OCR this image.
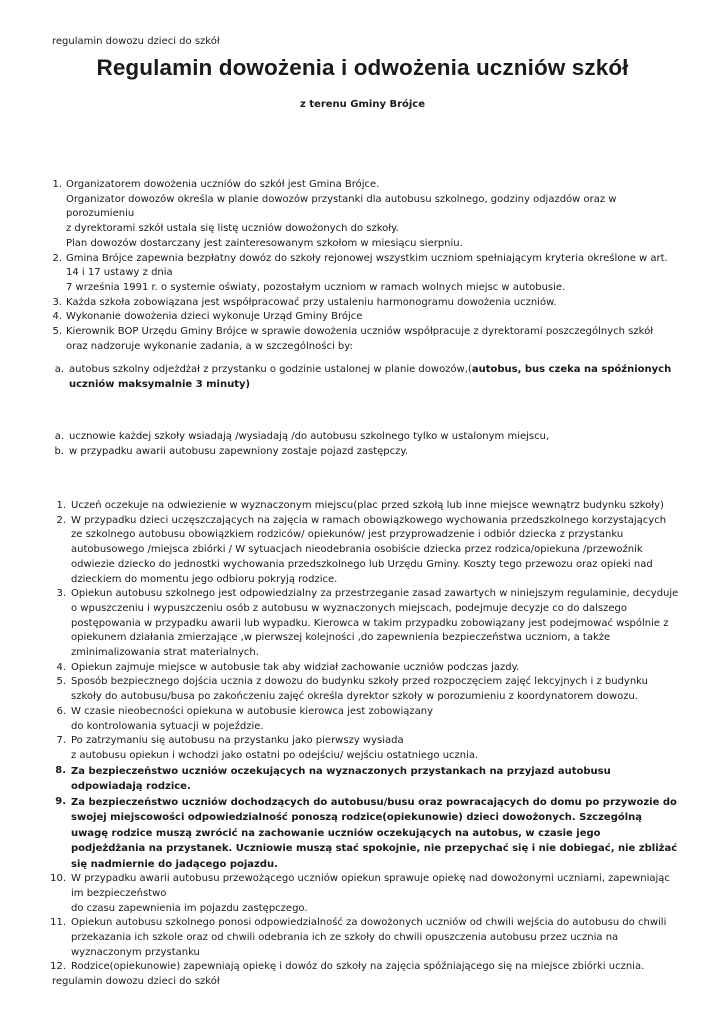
regulamin dowozu dzieci do szkół
Regulamin dowożenia i odwożenia uczniów szkół
z terenu Gminy Brójce
1. Organizatorem dowożenia uczniów do szkół jest Gmina Brójce.
Organizator dowozów określa w planie dowozów przystanki dla autobusu szkolnego, godziny odjazdów oraz w
porozumieniu
z dyrektorami szkół ustala się listę uczniów dowożonych do szkoły.
Plan dowozów dostarczany jest zainteresowanym szkołom w miesiącu sierpniu.
2. Gmina Brójce zapewnia bezpłatny dowóz do szkoły rejonowej wszystkim uczniom spełniającym kryteria określone w art.
14 i 17 ustawy z dnia
7 września 1991 r. o systemie oświaty, pozostałym uczniom w ramach wolnych miejsc w autobusie.
3. Każda szkoła zobowiązana jest współpracować przy ustaleniu harmonogramu dowożenia uczniów.
4. Wykonanie dowożenia dzieci wykonuje Urząd Gminy Brójce
5. Kierownik BOP Urzędu Gminy Brójce w sprawie dowożenia uczniów współpracuje z dyrektorami poszczególnych szkół
oraz nadzoruje wykonanie zadania, a w szczególności by:
a. autobus szkolny odjeżdżał z przystanku o godzinie ustalonej w planie dowozów,(autobus, bus czeka na spóźnionych
uczniów maksymalnie 3 minuty)
a. ucznowie każdej szkoły wsiadają /wysiadają /do autobusu szkolnego tylko w ustalonym miejscu,
b. w przypadku awarii autobusu zapewniony zostaje pojazd zastępczy.
1. Uczeń oczekuje na odwiezienie w wyznaczonym miejscu(plac przed szkołą lub inne miejsce wewnątrz budynku szkoły)
2. W przypadku dzieci uczęszczających na zajęcia w ramach obowiązkowego wychowania przedszkolnego korzystających
ze szkolnego autobusu obowiązkiem rodziców/ opiekunów/ jest przyprowadzenie i odbiór dziecka z przystanku
autobusowego /miejsca zbiórki / W sytuacjach nieodebrania osobiście dziecka przez rodzica/opiekuna /przewoźnik
odwiezie dziecko do jednostki wychowania przedszkolnego lub Urzędu Gminy. Koszty tego przewozu oraz opieki nad
dzieckiem do momentu jego odbioru pokryją rodzice.
3. Opiekun autobusu szkolnego jest odpowiedzialny za przestrzeganie zasad zawartych w niniejszym regulaminie, decyduje
o wpuszczeniu i wypuszczeniu osób z autobusu w wyznaczonych miejscach, podejmuje decyzje co do dalszego
postępowania w przypadku awarii lub wypadku. Kierowca w takim przypadku zobowiązany jest podejmować wspólnie z
opiekunem działania zmierzające ,w pierwszej kolejności ,do zapewnienia bezpieczeństwa uczniom, a także
zminimalizowania strat materialnych.
4. Opiekun zajmuje miejsce w autobusie tak aby widział zachowanie uczniów podczas jazdy.
5. Sposób bezpiecznego dojścia ucznia z dowozu do budynku szkoły przed rozpoczęciem zajęć lekcyjnych i z budynku
szkoły do autobusu/busa po zakończeniu zajęć określa dyrektor szkoły w porozumieniu z koordynatorem dowozu.
6. W czasie nieobecności opiekuna w autobusie kierowca jest zobowiązany
do kontrolowania sytuacji w pojeździe.
7. Po zatrzymaniu się autobusu na przystanku jako pierwszy wysiada
z autobusu opiekun i wchodzi jako ostatni po odejściu/ wejściu ostatniego ucznia.
8. Za bezpieczeństwo uczniów oczekujących na wyznaczonych przystankach na przyjazd autobusu
odpowiadają rodzice.
9. Za bezpieczeństwo uczniów dochodzących do autobusu/busu oraz powracających do domu po przywozie do
swojej miejscowości odpowiedzialność ponoszą rodzice(opiekunowie) dzieci dowożonych. Szczególną
uwagę rodzice muszą zwrócić na zachowanie uczniów oczekujących na autobus, w czasie jego
podjeżdżania na przystanek. Uczniowie muszą stać spokojnie, nie przepychać się i nie dobiegać, nie zbliżać
się nadmiernie do jadącego pojazdu.
10. W przypadku awarii autobusu przewożącego uczniów opiekun sprawuje opiekę nad dowożonymi uczniami, zapewniając
im bezpieczeństwo
do czasu zapewnienia im pojazdu zastępczego.
11. Opiekun autobusu szkolnego ponosi odpowiedzialność za dowożonych uczniów od chwili wejścia do autobusu do chwili
przekazania ich szkole oraz od chwili odebrania ich ze szkoły do chwili opuszczenia autobusu przez ucznia na
wyznaczonym przystanku
12. Rodzice(opiekunowie) zapewniają opiekę i dowóz do szkoły na zajęcia spóźniającego się na miejsce zbiórki ucznia.
regulamin dowozu dzieci do szkół
